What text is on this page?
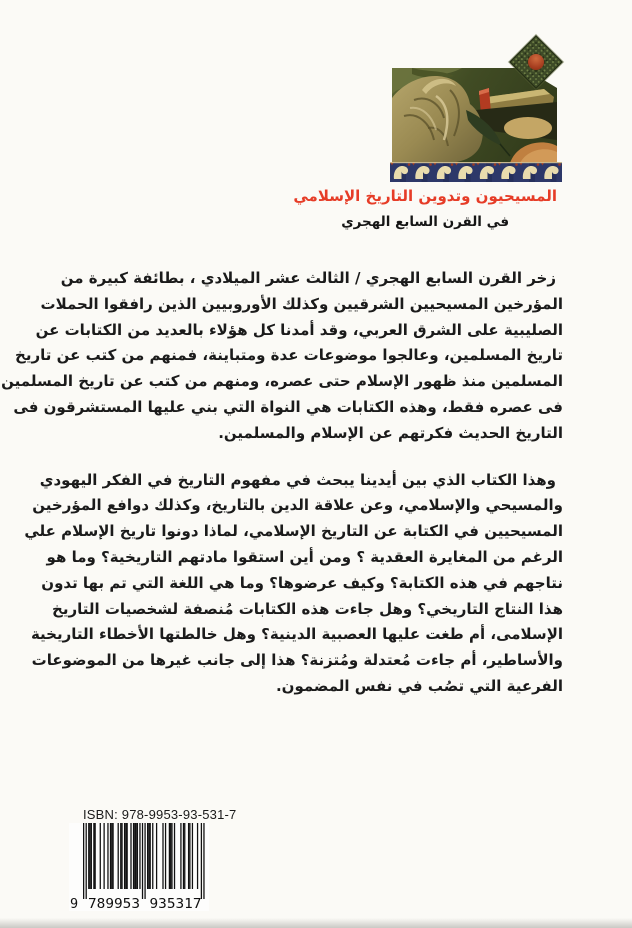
المسيحيون وتدوين التاريخ الإسلامي
في القرن السابع الهجري
زخر القرن السابع الهجري / الثالث عشر الميلادي ، بطائفة كبيرة من
المؤرخين المسيحيين الشرقيين وكذلك الأوروبيين الذين رافقوا الحملات
الصليبية على الشرق العربي، وقد أمدنا كل هؤلاء بالعديد من الكتابات عن
تاريخ المسلمين، وعالجوا موضوعات عدة ومتباينة، فمنهم من كتب عن تاريخ
المسلمين منذ ظهور الإسلام حتى عصره، ومنهم من كتب عن تاريخ المسلمين
فى عصره فقط، وهذه الكتابات هي النواة التي بني عليها المستشرقون فى
التاريخ الحديث فكرتهم عن الإسلام والمسلمين.
وهذا الكتاب الذي بين أيدينا يبحث في مفهوم التاريخ في الفكر اليهودي
والمسيحي والإسلامي، وعن علاقة الدين بالتاريخ، وكذلك دوافع المؤرخين
المسيحيين في الكتابة عن التاريخ الإسلامي، لماذا دونوا تاريخ الإسلام علي
الرغم من المغايرة العقدية ؟ ومن أين استقوا مادتهم التاريخية؟ وما هو
نتاجهم في هذه الكتابة؟ وكيف عرضوها؟ وما هي اللغة التي تم بها تدون
هذا النتاج التاريخي؟ وهل جاءت هذه الكتابات مُنصفة لشخصيات التاريخ
الإسلامى، أم طغت عليها العصبية الدينية؟ وهل خالطتها الأخطاء التاريخية
والأساطير، أم جاءت مُعتدلة ومُتزنة؟ هذا إلى جانب غيرها من الموضوعات
الفرعية التي تصُب في نفس المضمون.
ISBN: 978-9953-93-531-7
9 789953 935317
